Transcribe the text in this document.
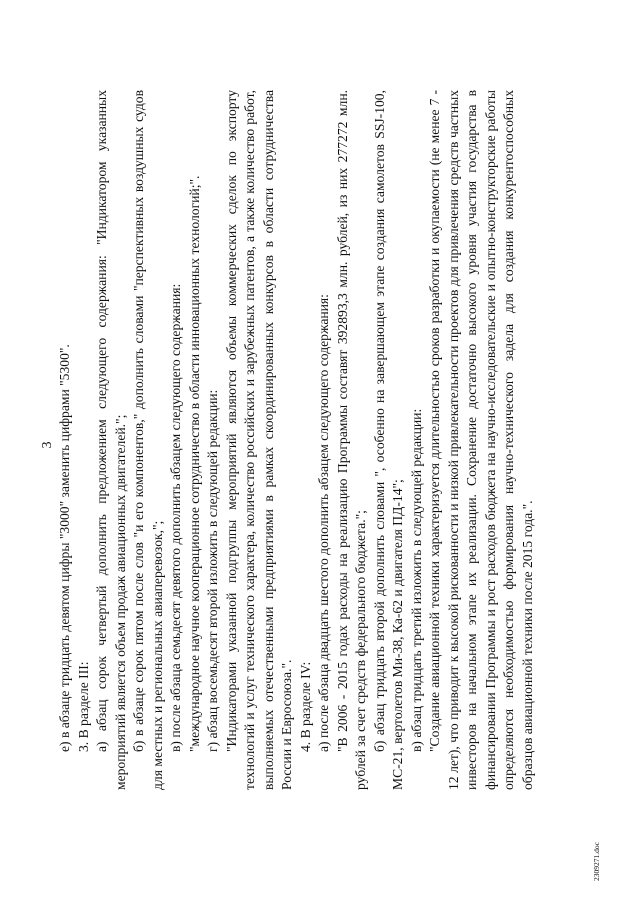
3 е) в абзаце тридцать девятом цифры "3000" заменить цифрами "5300". 3. В разделе III: а) абзац сорок четвертый дополнить предложением следующего содержания: "Индикатором указанных мероприятий является объем продаж авиационных двигателей."; б) в абзаце сорок пятом после слов "и его компонентов," дополнить словами "перспективных воздушных судов для местных и региональных авиаперевозок,"; в) после абзаца семьдесят девятого дополнить абзацем следующего содержания: "международное научное кооперационное сотрудничество в области инновационных технологий;". г) абзац восемьдесят второй изложить в следующей редакции: "Индикаторами указанной подгруппы мероприятий являются объемы коммерческих сделок по экспорту технологий и услуг технического характера, количество российских и зарубежных патентов, а также количество работ, выполняемых отечественными предприятиями в рамках скоординированных конкурсов в области сотрудничества России и Евросоюза.". 4. В разделе IV: а) после абзаца двадцать шестого дополнить абзацем следующего содержания: "В 2006 - 2015 годах расходы на реализацию Программы составят 392893,3 млн. рублей, из них 277272 млн. рублей за счет средств федерального бюджета."; б) абзац тридцать второй дополнить словами ", особенно на завершающем этапе создания самолетов SSJ-100, МС-21, вертолетов Ми-38, Ка-62 и двигателя ПД-14"; в) абзац тридцать третий изложить в следующей редакции: "Создание авиационной техники характеризуется длительностью сроков разработки и окупаемости (не менее 7 - 12 лет), что приводит к высокой рискованности и низкой привлекательности проектов для привлечения средств частных инвесторов на начальном этапе их реализации. Сохранение достаточно высокого уровня участия государства в финансировании Программы и рост расходов бюджета на научно-исследовательские и опытно-конструкторские работы определяются необходимостью формирования научно-технического задела для создания конкурентоспособных образцов авиационной техники после 2015 года.".

2309271.doc
